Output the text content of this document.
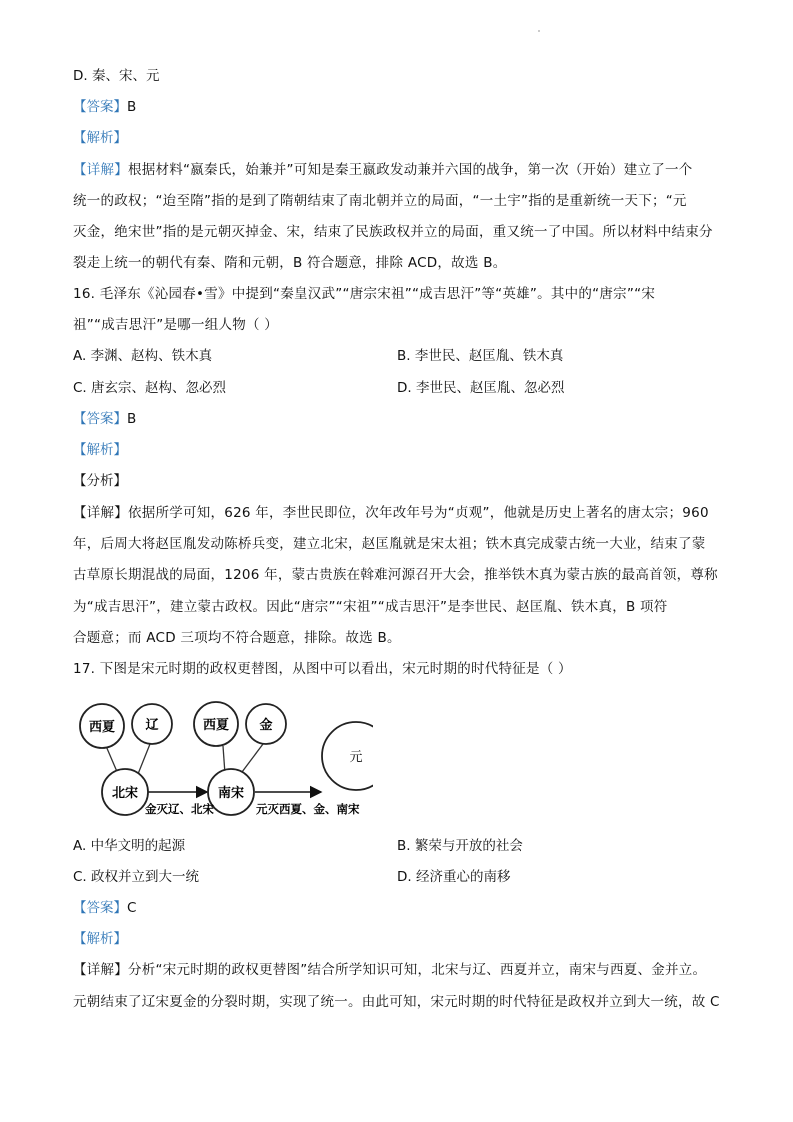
D. 秦、宋、元
【答案】B
【解析】
【详解】根据材料“嬴秦氏，始兼并”可知是秦王嬴政发动兼并六国的战争，第一次（开始）建立了一个
统一的政权；“迨至隋”指的是到了隋朝结束了南北朝并立的局面，“一土宇”指的是重新统一天下；“元
灭金，绝宋世”指的是元朝灭掉金、宋，结束了民族政权并立的局面，重又统一了中国。所以材料中结束分
裂走上统一的朝代有秦、隋和元朝，B 符合题意，排除 ACD，故选 B。
16. 毛泽东《沁园春•雪》中提到“秦皇汉武”“唐宗宋祖”“成吉思汗”等“英雄”。其中的“唐宗”“宋
祖”“成吉思汗”是哪一组人物（ ）
A. 李渊、赵构、铁木真	B. 李世民、赵匡胤、铁木真
C. 唐玄宗、赵构、忽必烈	D. 李世民、赵匡胤、忽必烈
【答案】B
【解析】
【分析】
【详解】依据所学可知，626 年，李世民即位，次年改年号为“贞观”，他就是历史上著名的唐太宗；960
年，后周大将赵匡胤发动陈桥兵变，建立北宋，赵匡胤就是宋太祖；铁木真完成蒙古统一大业，结束了蒙
古草原长期混战的局面，1206 年，蒙古贵族在斡难河源召开大会，推举铁木真为蒙古族的最高首领，尊称
为“成吉思汗”，建立蒙古政权。因此“唐宗”“宋祖”“成吉思汗”是李世民、赵匡胤、铁木真，B 项符
合题意；而 ACD 三项均不符合题意，排除。故选 B。
17. 下图是宋元时期的政权更替图，从图中可以看出，宋元时期的时代特征是（ ）
西夏 辽
北宋
西夏 金
南宋
元
金灭辽、北宋	元灭西夏、金、南宋
A. 中华文明的起源	B. 繁荣与开放的社会
C. 政权并立到大一统	D. 经济重心的南移
【答案】C
【解析】
【详解】分析“宋元时期的政权更替图”结合所学知识可知，北宋与辽、西夏并立，南宋与西夏、金并立。
元朝结束了辽宋夏金的分裂时期，实现了统一。由此可知，宋元时期的时代特征是政权并立到大一统，故 C
